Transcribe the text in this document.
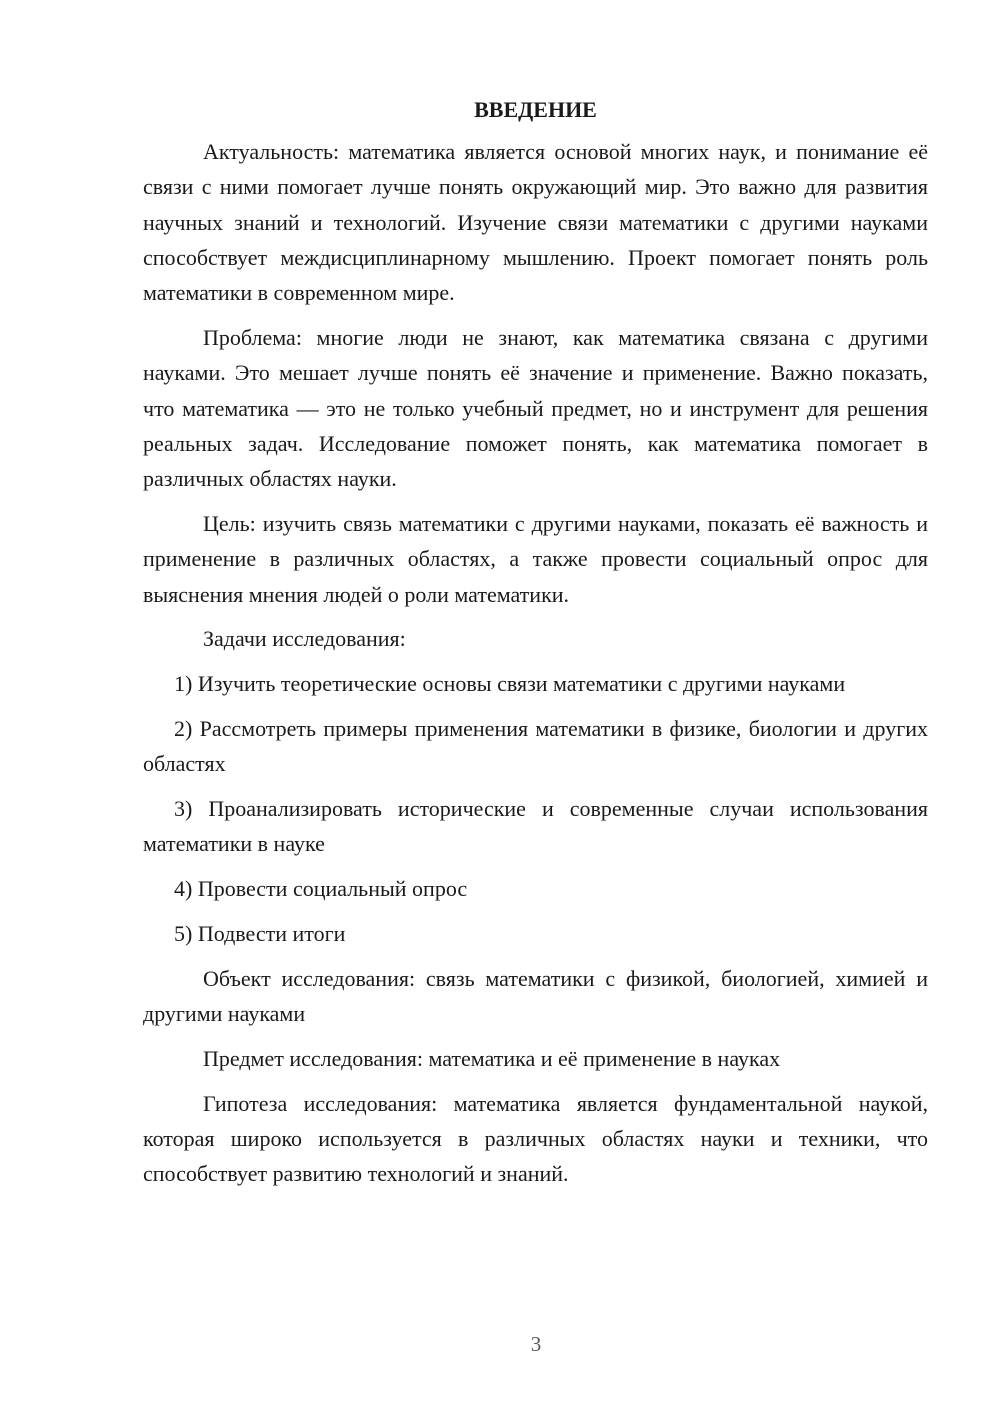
ВВЕДЕНИЕ

Актуальность: математика является основой многих наук, и понимание её связи с ними помогает лучше понять окружающий мир. Это важно для развития научных знаний и технологий. Изучение связи математики с другими науками способствует междисциплинарному мышлению. Проект помогает понять роль математики в современном мире.

Проблема: многие люди не знают, как математика связана с другими науками. Это мешает лучше понять её значение и применение. Важно показать, что математика — это не только учебный предмет, но и инструмент для решения реальных задач. Исследование поможет понять, как математика помогает в различных областях науки.

Цель: изучить связь математики с другими науками, показать её важность и применение в различных областях, а также провести социальный опрос для выяснения мнения людей о роли математики.

Задачи исследования:

1) Изучить теоретические основы связи математики с другими науками

2) Рассмотреть примеры применения математики в физике, биологии и других областях

3) Проанализировать исторические и современные случаи использования математики в науке

4) Провести социальный опрос

5) Подвести итоги

Объект исследования: связь математики с физикой, биологией, химией и другими науками

Предмет исследования: математика и её применение в науках

Гипотеза исследования: математика является фундаментальной наукой, которая широко используется в различных областях науки и техники, что способствует развитию технологий и знаний.

3
